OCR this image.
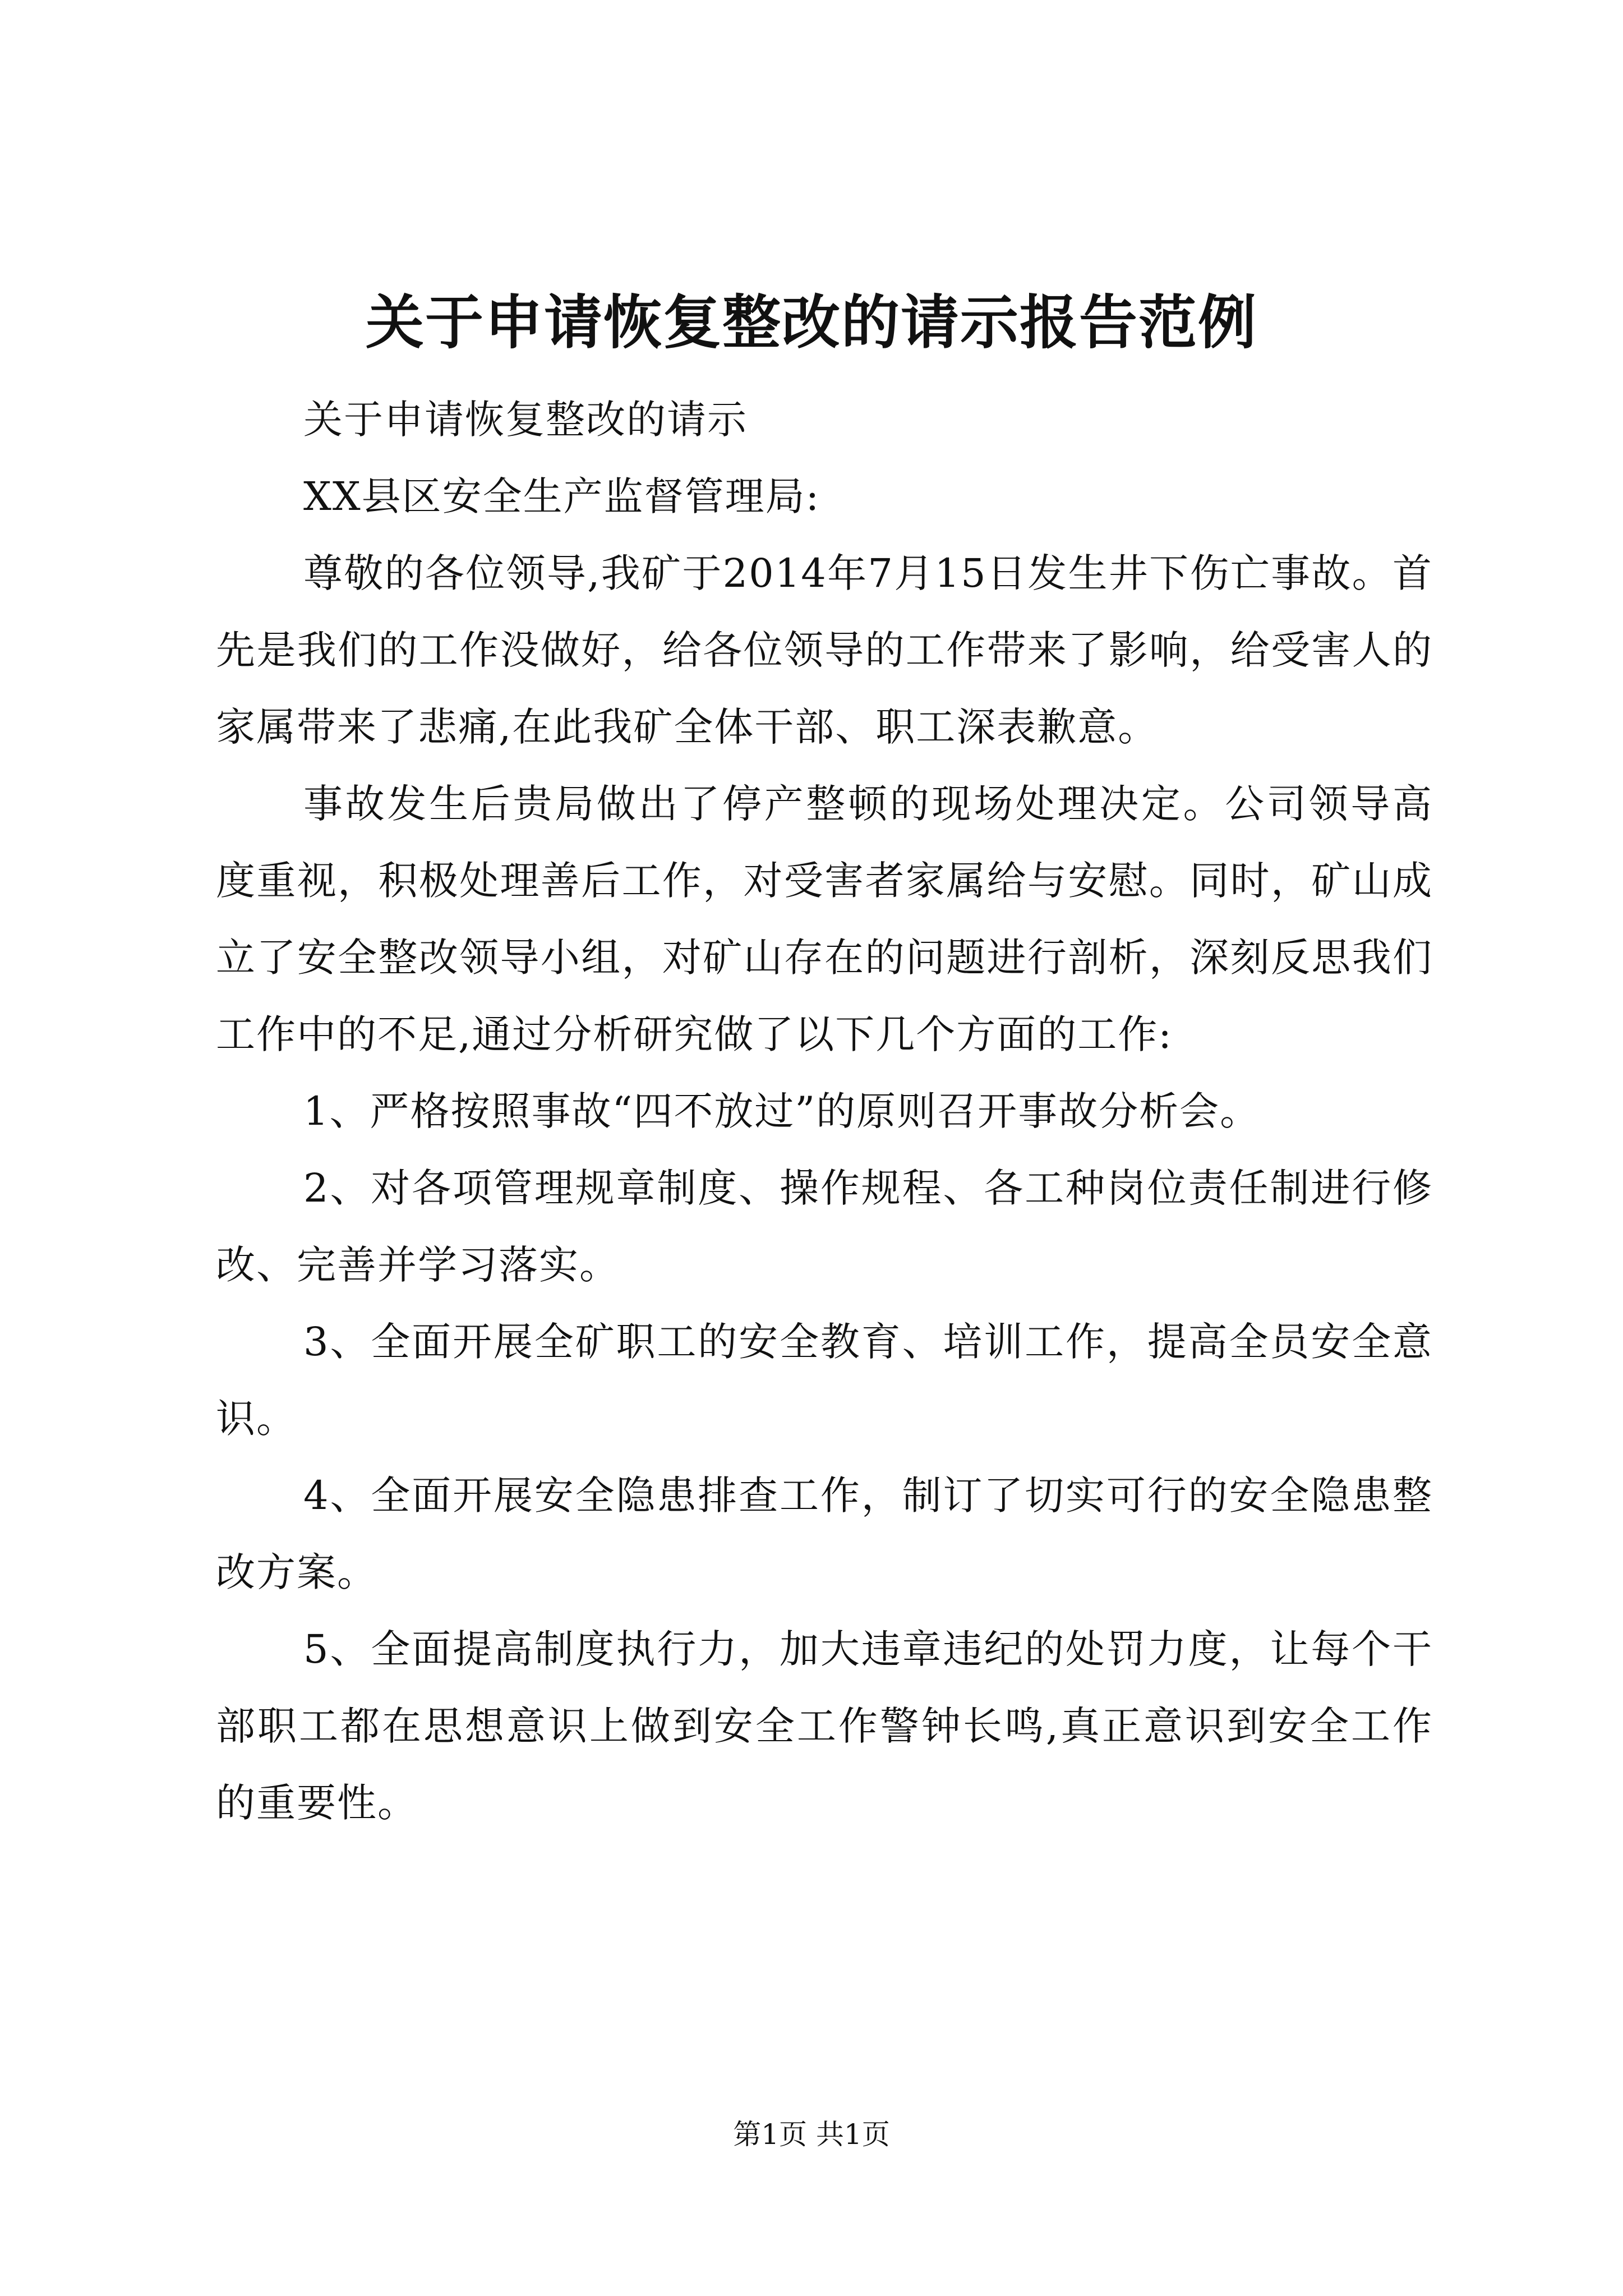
关于申请恢复整改的请示报告范例

关于申请恢复整改的请示

XX县区安全生产监督管理局:

尊敬的各位领导,我矿于2014年7月15日发生井下伤亡事故。首先是我们的工作没做好，给各位领导的工作带来了影响，给受害人的家属带来了悲痛,在此我矿全体干部、职工深表歉意。

事故发生后贵局做出了停产整顿的现场处理决定。公司领导高度重视，积极处理善后工作，对受害者家属给与安慰。同时，矿山成立了安全整改领导小组，对矿山存在的问题进行剖析，深刻反思我们工作中的不足,通过分析研究做了以下几个方面的工作:

1、严格按照事故“四不放过”的原则召开事故分析会。

2、对各项管理规章制度、操作规程、各工种岗位责任制进行修改、完善并学习落实。

3、全面开展全矿职工的安全教育、培训工作，提高全员安全意识。

4、全面开展安全隐患排查工作，制订了切实可行的安全隐患整改方案。

5、全面提高制度执行力，加大违章违纪的处罚力度，让每个干部职工都在思想意识上做到安全工作警钟长鸣,真正意识到安全工作的重要性。

第1页 共1页
